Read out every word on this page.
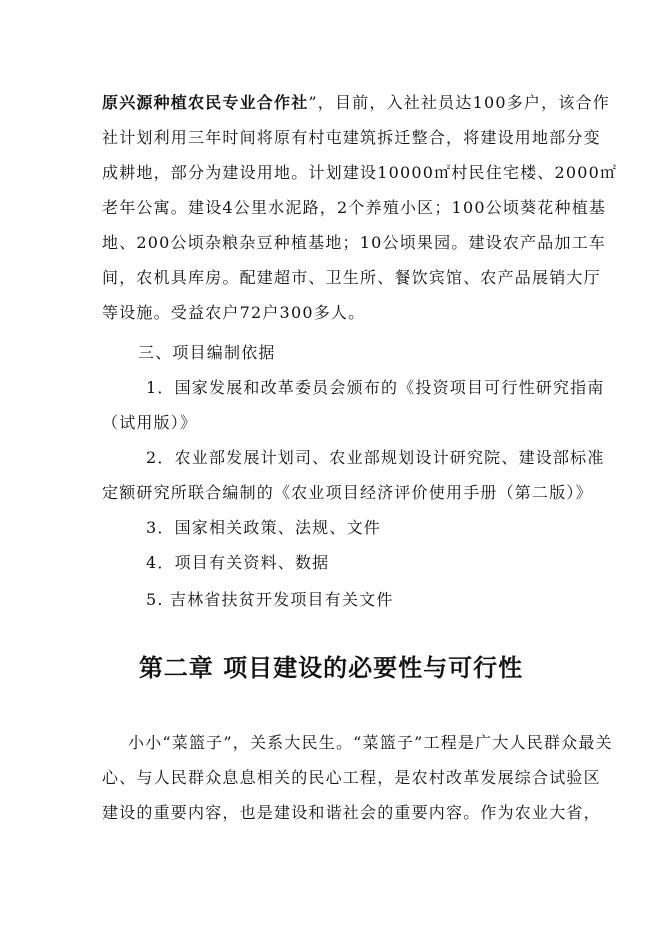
原兴源种植农民专业合作社”，目前，入社社员达100多户，该合作
社计划利用三年时间将原有村屯建筑拆迁整合，将建设用地部分变
成耕地，部分为建设用地。计划建设10000㎡村民住宅楼、2000㎡
老年公寓。建设4公里水泥路，2个养殖小区；100公顷葵花种植基
地、200公顷杂粮杂豆种植基地；10公顷果园。建设农产品加工车
间，农机具库房。配建超市、卫生所、餐饮宾馆、农产品展销大厅
等设施。受益农户72户300多人。
三、项目编制依据
1．国家发展和改革委员会颁布的《投资项目可行性研究指南
（试用版）》
2．农业部发展计划司、农业部规划设计研究院、建设部标准
定额研究所联合编制的《农业项目经济评价使用手册（第二版）》
3．国家相关政策、法规、文件
4．项目有关资料、数据
5. 吉林省扶贫开发项目有关文件
第二章 项目建设的必要性与可行性
小小“菜篮子”，关系大民生。“菜篮子”工程是广大人民群众最关
心、与人民群众息息相关的民心工程，是农村改革发展综合试验区
建设的重要内容，也是建设和谐社会的重要内容。作为农业大省，
